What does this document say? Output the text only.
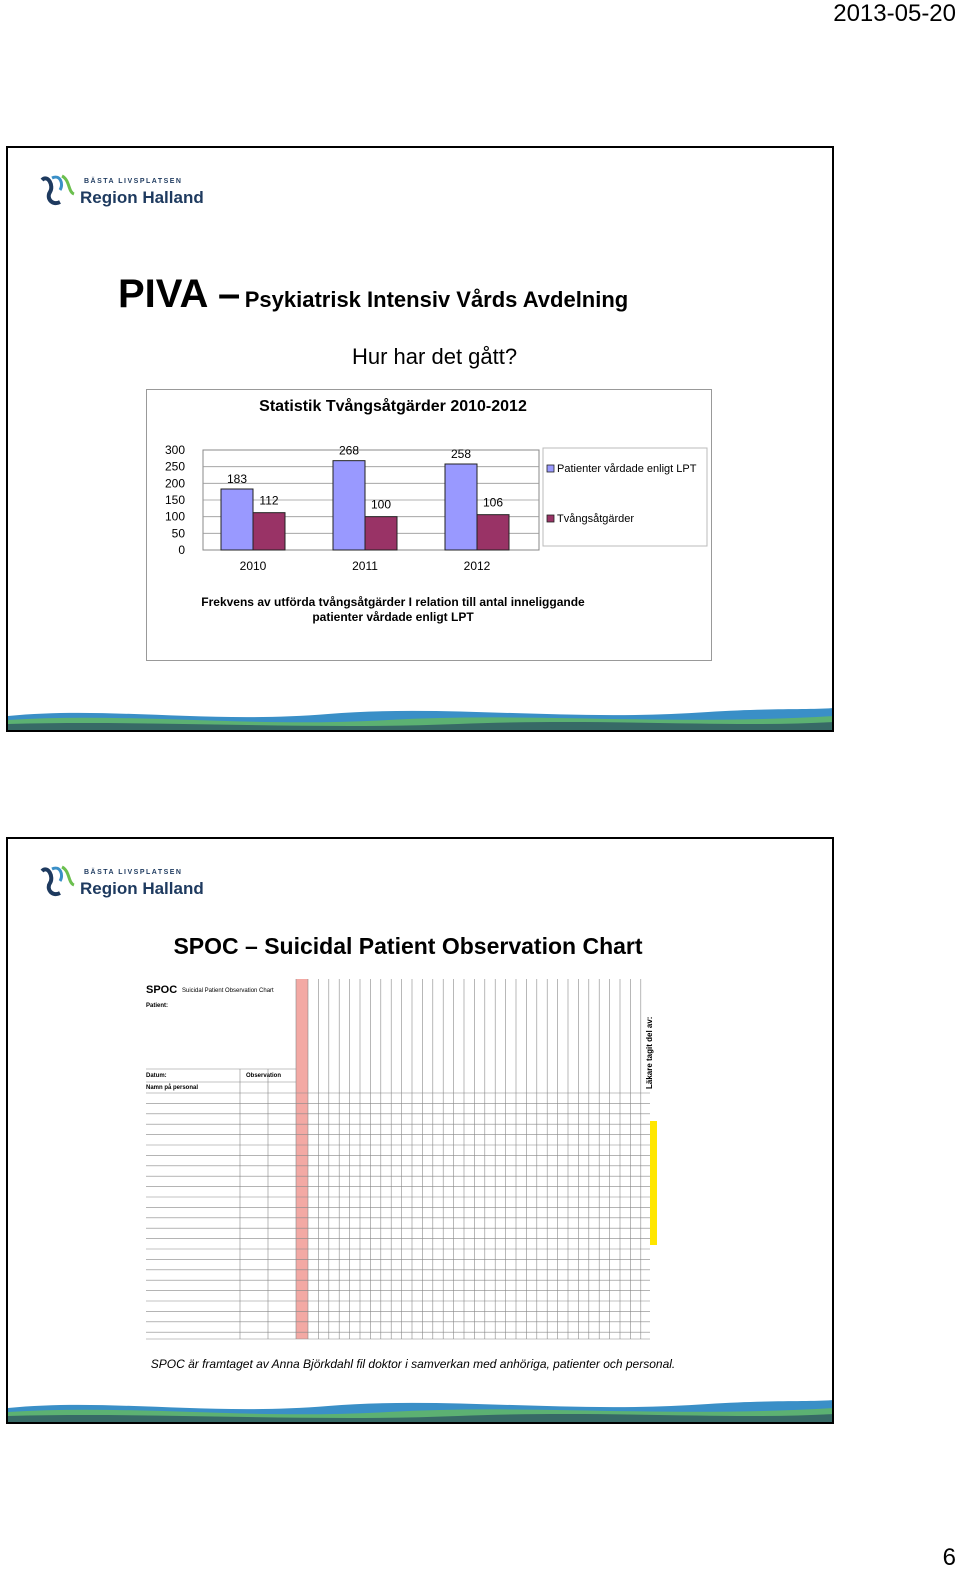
2013-05-20
BÄSTA LIVSPLATSEN
Region Halland
PIVA – Psykiatrisk Intensiv Vårds Avdelning
Hur har det gått?
Statistik Tvångsåtgärder 2010-2012
300
250
200
150
100
50
0
183
112
2010
268
100
2011
258
106
2012
Patienter vårdade enligt LPT
Tvångsåtgärder
Frekvens av utförda tvångsåtgärder I relation till antal inneliggande patienter vårdade enligt LPT
BÄSTA LIVSPLATSEN
Region Halland
SPOC – Suicidal Patient Observation Chart
SPOC Suicidal Patient Observation Chart
Patient:
Datum:	Observation
Namn på personal	Läkare tagit del av:
SPOC är framtaget av Anna Björkdahl fil doktor i samverkan med anhöriga, patienter och personal.
6
